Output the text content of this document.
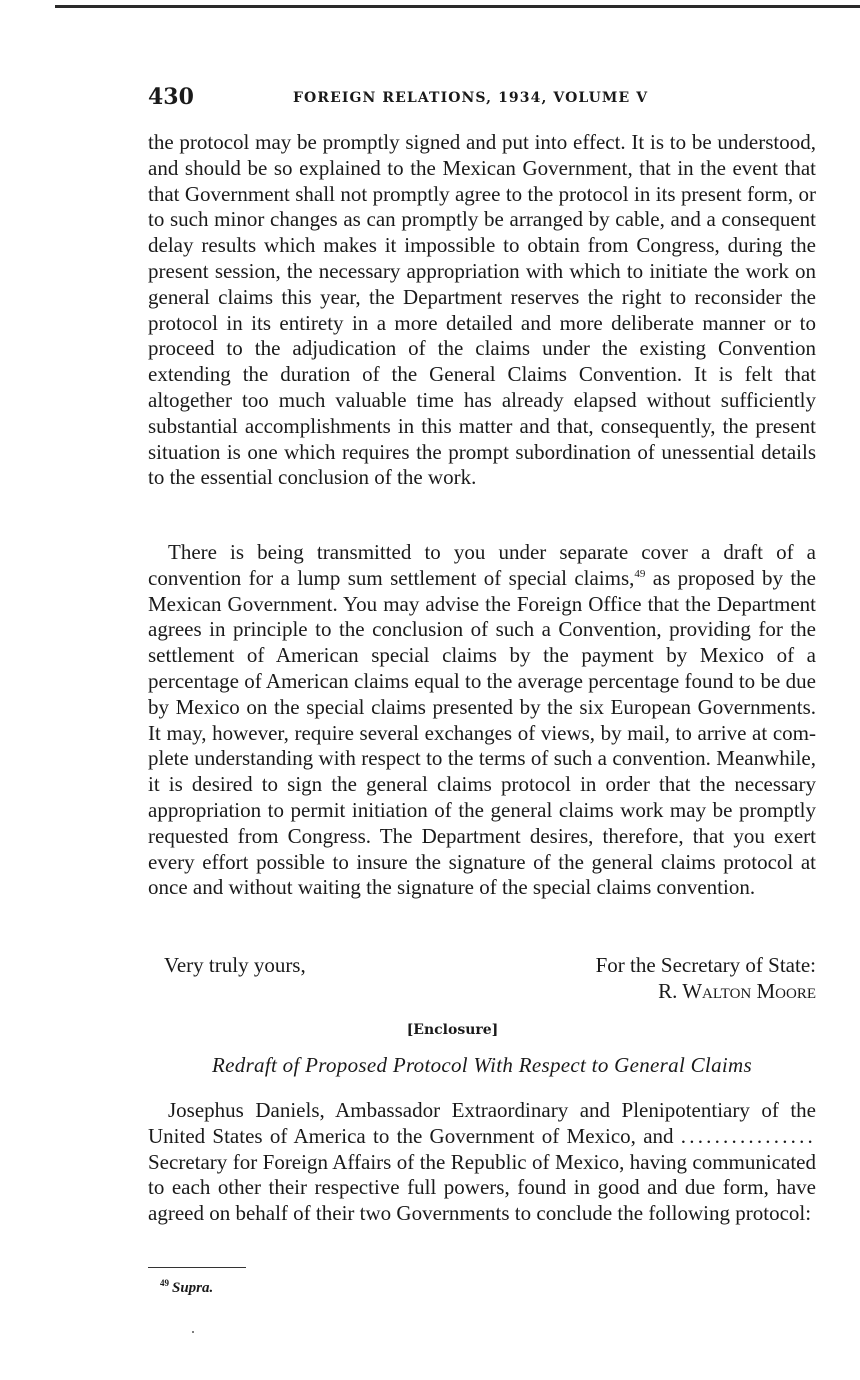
430	FOREIGN RELATIONS, 1934, VOLUME V

the protocol may be promptly signed and put into effect. It is to be understood, and should be so explained to the Mexican Government, that in the event that that Government shall not promptly agree to the protocol in its present form, or to such minor changes as can promptly be arranged by cable, and a consequent delay results which makes it impossible to obtain from Congress, during the present session, the necessary appropriation with which to initiate the work on general claims this year, the Department reserves the right to reconsider the protocol in its entirety in a more detailed and more deliberate manner or to proceed to the adjudication of the claims under the existing Convention extending the duration of the General Claims Convention. It is felt that altogether too much valuable time has already elapsed without sufficiently substantial accomplishments in this matter and that, consequently, the present situation is one which requires the prompt subordination of unessential details to the essential conclusion of the work.

There is being transmitted to you under separate cover a draft of a convention for a lump sum settlement of special claims,$^{49}$ as proposed by the Mexican Government. You may advise the Foreign Office that the Department agrees in principle to the conclusion of such a Convention, providing for the settlement of American special claims by the payment by Mexico of a percentage of American claims equal to the average percentage found to be due by Mexico on the special claims presented by the six European Governments. It may, however, require several exchanges of views, by mail, to arrive at complete understanding with respect to the terms of such a convention. Meanwhile, it is desired to sign the general claims protocol in order that the necessary appropriation to permit initiation of the general claims work may be promptly requested from Congress. The Department desires, therefore, that you exert every effort possible to insure the signature of the general claims protocol at once and without waiting the signature of the special claims convention.

Very truly yours,	For the Secretary of State:
R. Walton Moore
[Enclosure]
Redraft of Proposed Protocol With Respect to General Claims

Josephus Daniels, Ambassador Extraordinary and Plenipotentiary of the United States of America to the Government of Mexico, and ................ Secretary for Foreign Affairs of the Republic of Mexico, having communicated to each other their respective full powers, found in good and due form, have agreed on behalf of their two Governments to conclude the following protocol:

$^{49}$ Supra.
